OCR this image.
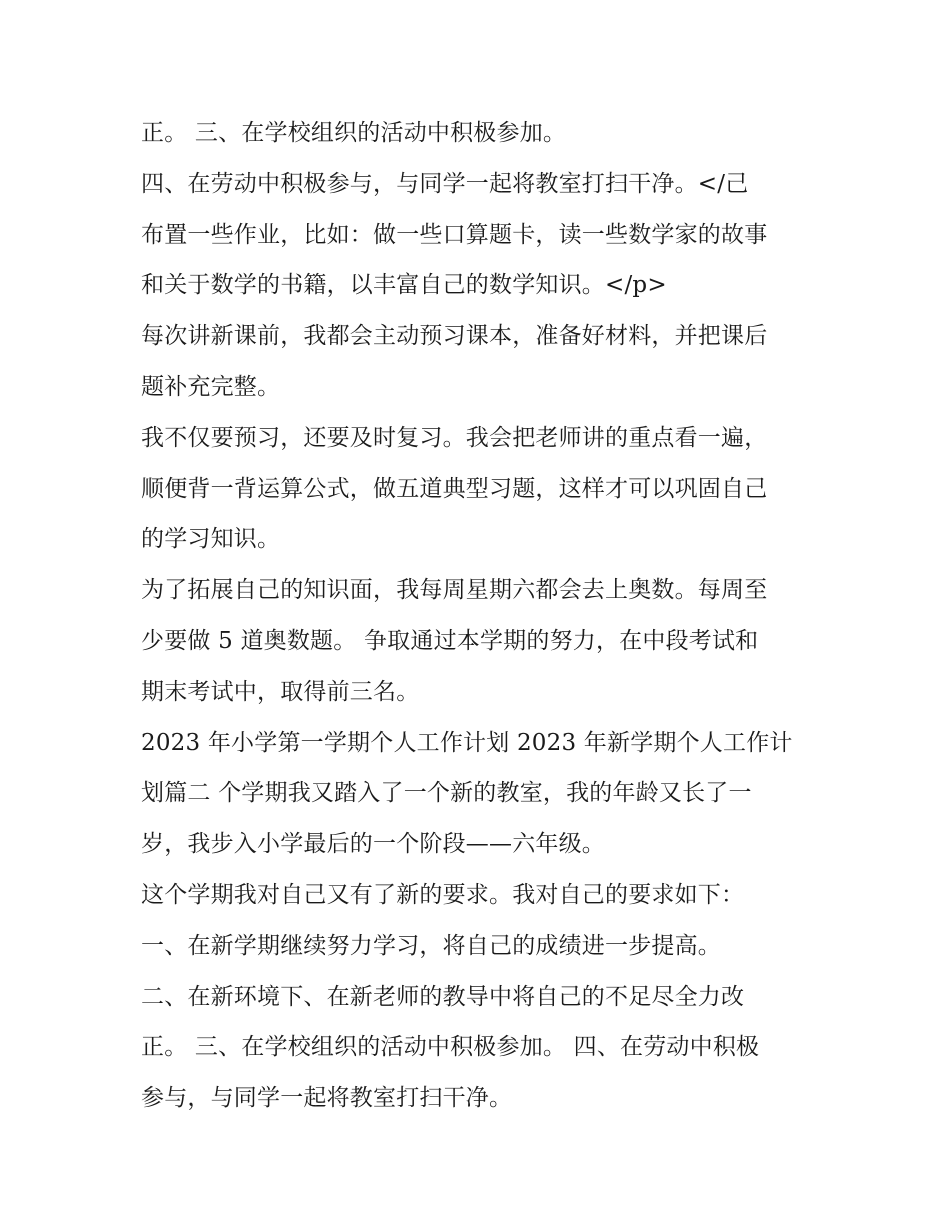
正。 三、在学校组织的活动中积极参加。
四、在劳动中积极参与，与同学一起将教室打扫干净。</己
布置一些作业，比如：做一些口算题卡，读一些数学家的故事
和关于数学的书籍，以丰富自己的数学知识。</p>
每次讲新课前，我都会主动预习课本，准备好材料，并把课后
题补充完整。
我不仅要预习，还要及时复习。我会把老师讲的重点看一遍，
顺便背一背运算公式，做五道典型习题，这样才可以巩固自己
的学习知识。
为了拓展自己的知识面，我每周星期六都会去上奥数。每周至
少要做 5 道奥数题。 争取通过本学期的努力，在中段考试和
期末考试中，取得前三名。
2023 年小学第一学期个人工作计划 2023 年新学期个人工作计
划篇二 个学期我又踏入了一个新的教室，我的年龄又长了一
岁，我步入小学最后的一个阶段——六年级。
这个学期我对自己又有了新的要求。我对自己的要求如下：
一、在新学期继续努力学习，将自己的成绩进一步提高。
二、在新环境下、在新老师的教导中将自己的不足尽全力改
正。 三、在学校组织的活动中积极参加。 四、在劳动中积极
参与，与同学一起将教室打扫干净。
